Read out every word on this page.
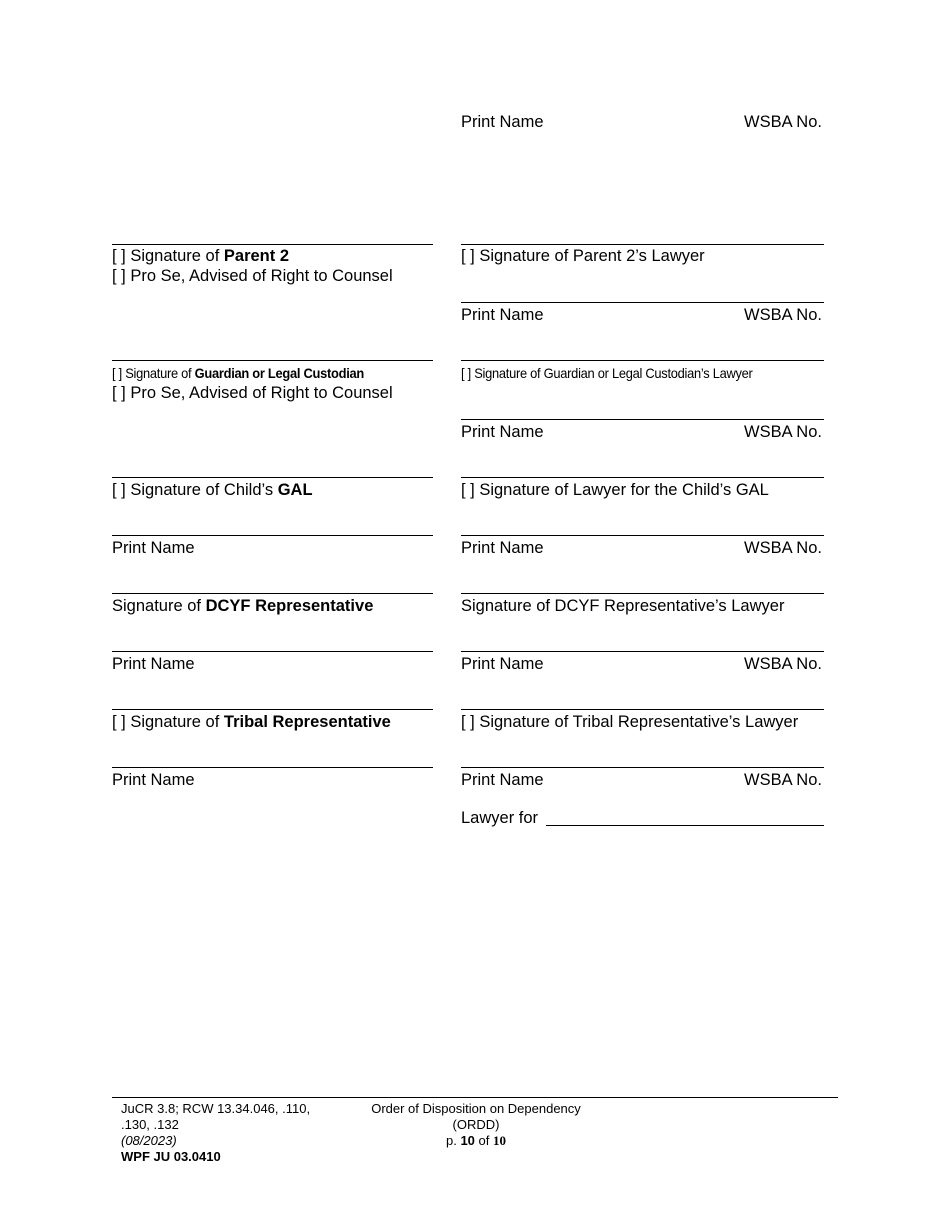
Print Name	WSBA No.
[ ] Signature of Parent 2
[ ] Pro Se, Advised of Right to Counsel
[ ] Signature of Parent 2’s Lawyer
Print Name	WSBA No.
[ ] Signature of Guardian or Legal Custodian
[ ] Pro Se, Advised of Right to Counsel
[ ] Signature of Guardian or Legal Custodian’s Lawyer
Print Name	WSBA No.
[ ] Signature of Child’s GAL	[ ] Signature of Lawyer for the Child’s GAL
Print Name	Print Name	WSBA No.
Signature of DCYF Representative	Signature of DCYF Representative’s Lawyer
Print Name	Print Name	WSBA No.
[ ] Signature of Tribal Representative	[ ] Signature of Tribal Representative’s Lawyer
Print Name	Print Name	WSBA No.
Lawyer for
JuCR 3.8; RCW 13.34.046, .110,
.130, .132
(08/2023)
WPF JU 03.0410
Order of Disposition on Dependency
(ORDD)
p. 10 of 10
